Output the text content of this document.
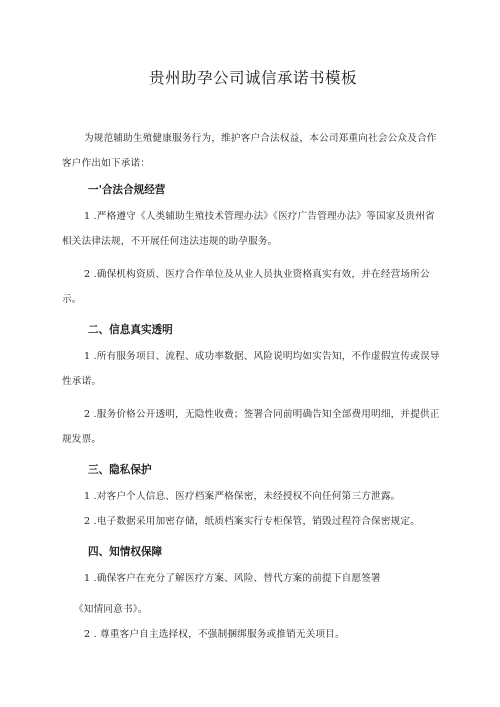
贵州助孕公司诚信承诺书模板

为规范辅助生殖健康服务行为，维护客户合法权益，本公司郑重向社会公众及合作客户作出如下承诺：

一'合法合规经营

1 .严格遵守《人类辅助生殖技术管理办法》《医疗广告管理办法》等国家及贵州省相关法律法规，不开展任何违法违规的助孕服务。

2 .确保机构资质、医疗合作单位及从业人员执业资格真实有效，并在经营场所公示。

二、信息真实透明

1 .所有服务项目、流程、成功率数据、风险说明均如实告知，不作虚假宣传或误导性承诺。

2 .服务价格公开透明，无隐性收费；签署合同前明确告知全部费用明细，并提供正规发票。

三、隐私保护

1 .对客户个人信息、医疗档案严格保密，未经授权不向任何第三方泄露。

2 .电子数据采用加密存储，纸质档案实行专柜保管，销毁过程符合保密规定。

四、知情权保障

1 .确保客户在充分了解医疗方案、风险、替代方案的前提下自愿签署

《知情同意书》。

2 . 尊重客户自主选择权，不强制捆绑服务或推销无关项目。
